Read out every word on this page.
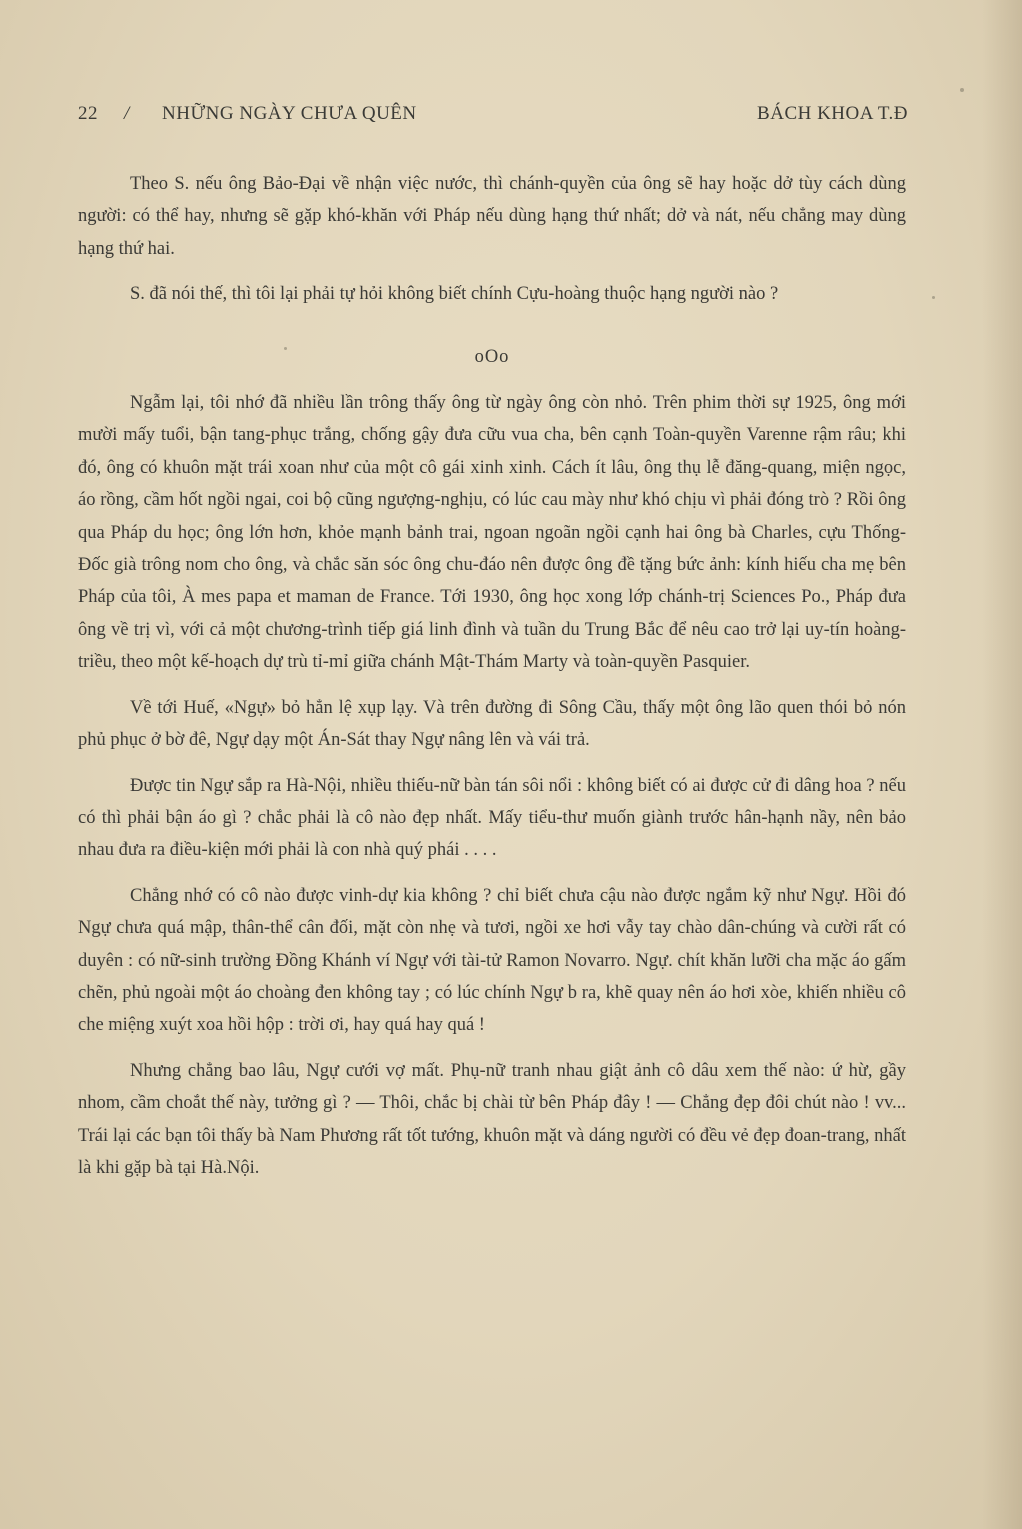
22 / NHỮNG NGÀY CHƯA QUÊN	BÁCH KHOA T.Đ

Theo S. nếu ông Bảo-Đại về nhận việc nước, thì chánh-quyền của ông sẽ hay hoặc dở tùy cách dùng người: có thể hay, nhưng sẽ gặp khó-khăn với Pháp nếu dùng hạng thứ nhất; dở và nát, nếu chẳng may dùng hạng thứ hai.

S. đã nói thế, thì tôi lại phải tự hỏi không biết chính Cựu-hoàng thuộc hạng người nào ?

oOo

Ngẫm lại, tôi nhớ đã nhiều lần trông thấy ông từ ngày ông còn nhỏ. Trên phim thời sự 1925, ông mới mười mấy tuổi, bận tang-phục trắng, chống gậy đưa cữu vua cha, bên cạnh Toàn-quyền Varenne rậm râu; khi đó, ông có khuôn mặt trái xoan như của một cô gái xinh xinh. Cách ít lâu, ông thụ lễ đăng-quang, miện ngọc, áo rồng, cầm hốt ngồi ngai, coi bộ cũng ngượng-nghịu, có lúc cau mày như khó chịu vì phải đóng trò ? Rồi ông qua Pháp du học; ông lớn hơn, khỏe mạnh bảnh trai, ngoan ngoãn ngồi cạnh hai ông bà Charles, cựu Thống-Đốc già trông nom cho ông, và chắc săn sóc ông chu-đáo nên được ông đề tặng bức ảnh: kính hiếu cha mẹ bên Pháp của tôi, À mes papa et maman de France. Tới 1930, ông học xong lớp chánh-trị Sciences Po., Pháp đưa ông về trị vì, với cả một chương-trình tiếp giá linh đình và tuần du Trung Bắc để nêu cao trở lại uy-tín hoàng-triều, theo một kế-hoạch dự trù tỉ-mỉ giữa chánh Mật-Thám Marty và toàn-quyền Pasquier.

Về tới Huế, «Ngự» bỏ hẳn lệ xụp lạy. Và trên đường đi Sông Cầu, thấy một ông lão quen thói bỏ nón phủ phục ở bờ đê, Ngự dạy một Án-Sát thay Ngự nâng lên và vái trả.

Được tin Ngự sắp ra Hà-Nội, nhiều thiếu-nữ bàn tán sôi nổi : không biết có ai được cử đi dâng hoa ? nếu có thì phải bận áo gì ? chắc phải là cô nào đẹp nhất. Mấy tiểu-thư muốn giành trước hân-hạnh nầy, nên bảo nhau đưa ra điều-kiện mới phải là con nhà quý phái . . . .

Chẳng nhớ có cô nào được vinh-dự kia không ? chỉ biết chưa cậu nào được ngắm kỹ như Ngự. Hồi đó Ngự chưa quá mập, thân-thể cân đối, mặt còn nhẹ và tươi, ngồi xe hơi vẫy tay chào dân-chúng và cười rất có duyên : có nữ-sinh trường Đồng Khánh ví Ngự với tài-tử Ramon Novarro. Ngự. chít khăn lưỡi cha mặc áo gấm chẽn, phủ ngoài một áo choàng đen không tay ; có lúc chính Ngự b ra, khẽ quay nên áo hơi xòe, khiến nhiều cô che miệng xuýt xoa hồi hộp : trời ơi, hay quá hay quá !

Nhưng chẳng bao lâu, Ngự cưới vợ mất. Phụ-nữ tranh nhau giật ảnh cô dâu xem thế nào: ứ hừ, gầy nhom, cầm choắt thế này, tưởng gì ? — Thôi, chắc bị chài từ bên Pháp đây ! — Chẳng đẹp đôi chút nào ! vv... Trái lại các bạn tôi thấy bà Nam Phương rất tốt tướng, khuôn mặt và dáng người có đều vẻ đẹp đoan-trang, nhất là khi gặp bà tại Hà.Nội.
